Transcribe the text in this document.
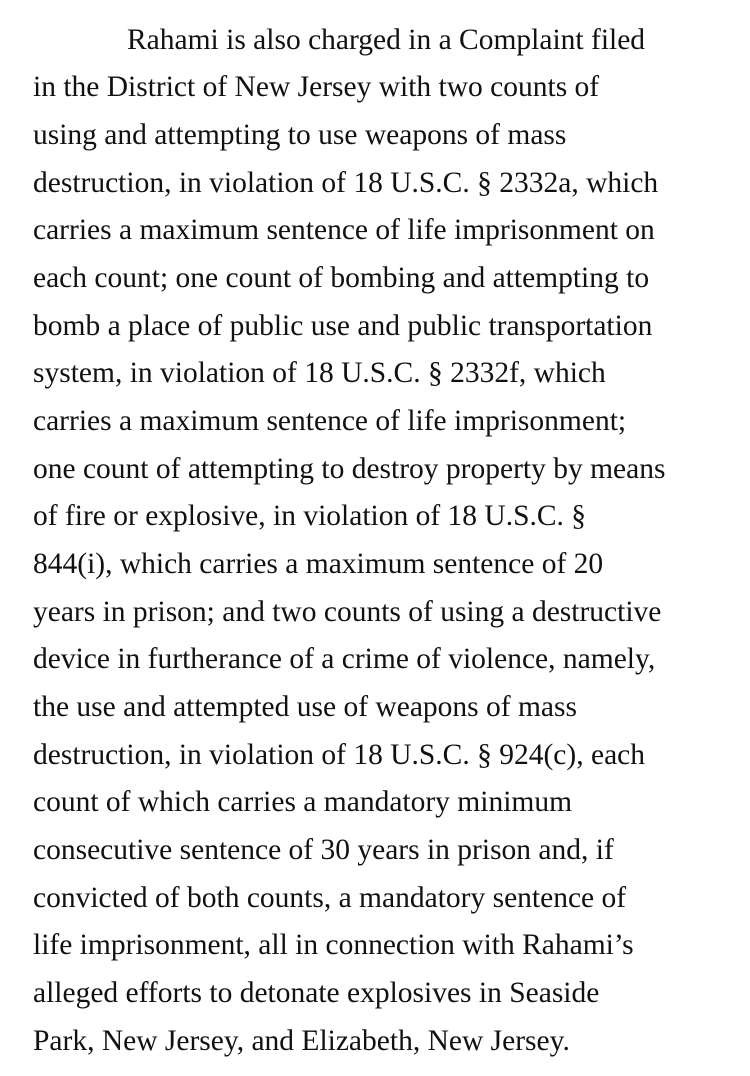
Rahami is also charged in a Complaint filed
in the District of New Jersey with two counts of
using and attempting to use weapons of mass
destruction, in violation of 18 U.S.C. § 2332a, which
carries a maximum sentence of life imprisonment on
each count; one count of bombing and attempting to
bomb a place of public use and public transportation
system, in violation of 18 U.S.C. § 2332f, which
carries a maximum sentence of life imprisonment;
one count of attempting to destroy property by means
of fire or explosive, in violation of 18 U.S.C. §
844(i), which carries a maximum sentence of 20
years in prison; and two counts of using a destructive
device in furtherance of a crime of violence, namely,
the use and attempted use of weapons of mass
destruction, in violation of 18 U.S.C. § 924(c), each
count of which carries a mandatory minimum
consecutive sentence of 30 years in prison and, if
convicted of both counts, a mandatory sentence of
life imprisonment, all in connection with Rahami’s
alleged efforts to detonate explosives in Seaside
Park, New Jersey, and Elizabeth, New Jersey.
